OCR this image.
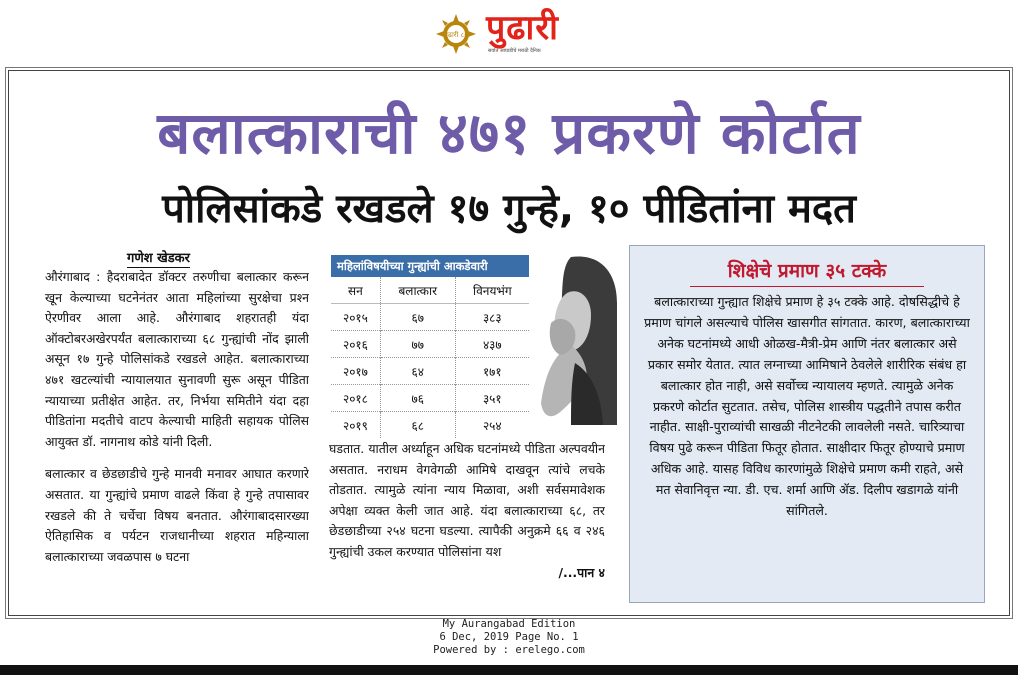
पुढारी ८० पुढारी
सर्वात आघाडीचे मराठी दैनिक
बलात्काराची ४७१ प्रकरणे कोर्टात
पोलिसांकडे रखडले १७ गुन्हे, १० पीडितांना मदत
गणेश खेडकर

औरंगाबाद : हैदराबादेत डॉक्टर तरुणीचा बलात्कार करून खून केल्याच्या घटनेनंतर आता महिलांच्या सुरक्षेचा प्रश्‍न ऐरणीवर आला आहे. औरंगाबाद शहरातही यंदा ऑक्टोबरअखेरपर्यंत बलात्काराच्या ६८ गुन्ह्यांची नोंद झाली असून १७ गुन्हे पोलिसांकडे रखडले आहेत. बलात्काराच्या ४७१ खटल्यांची न्यायालयात सुनावणी सुरू असून पीडिता न्यायाच्या प्रतीक्षेत आहेत. तर, निर्भया समितीने यंदा दहा पीडितांना मदतीचे वाटप केल्याची माहिती सहायक पोलिस आयुक्‍त डॉ. नागनाथ कोडे यांनी दिली.

बलात्कार व छेडछाडीचे गुन्हे मानवी मनावर आघात करणारे असतात. या गुन्ह्यांचे प्रमाण वाढले किंवा हे गुन्हे तपासावर रखडले की ते चर्चेचा विषय बनतात. औरंगाबादसारख्या ऐतिहासिक व पर्यटन राजधानीच्या शहरात महिन्याला बलात्काराच्या जवळपास ७ घटना

महिलांविषयीच्या गुन्ह्यांची आकडेवारी
सन	बलात्कार	विनयभंग
२०१५	६७	३८३
२०१६	७७	४३७
२०१७	६४	१७१
२०१८	७६	३५१
२०१९	६८	२५४

घडतात. यातील अर्ध्याहून अधिक घटनांमध्ये पीडिता अल्पवयीन असतात. नराधम वेगवेगळी आमिषे दाखवून त्यांचे लचके तोडतात. त्यामुळे त्यांना न्याय मिळावा, अशी सर्वसमावेशक अपेक्षा व्यक्‍त केली जात आहे. यंदा बलात्काराच्या ६८, तर छेडछाडीच्या २५४ घटना घडल्या. त्यापैकी अनुक्रमे ६६ व २४६ गुन्ह्यांची उकल करण्यात पोलिसांना यश

/...पान ४

शिक्षेचे प्रमाण ३५ टक्के
बलात्काराच्या गुन्ह्यात शिक्षेचे प्रमाण हे ३५ टक्के आहे. दोषसिद्धीचे हे प्रमाण चांगले असल्याचे पोलिस खासगीत सांगतात. कारण, बलात्काराच्या अनेक घटनांमध्ये आधी ओळख-मैत्री-प्रेम आणि नंतर बलात्कार असे प्रकार समोर येतात. त्यात लग्नाच्या आमिषाने ठेवलेले शारीरिक संबंध हा बलात्कार होत नाही, असे सर्वोच्च न्यायालय म्हणते. त्यामुळे अनेक प्रकरणे कोर्टात सुटतात. तसेच, पोलिस शास्त्रीय पद्धतीने तपास करीत नाहीत. साक्षी-पुराव्यांची साखळी नीटनेटकी लावलेली नसते. चारित्र्याचा विषय पुढे करून पीडिता फितूर होतात. साक्षीदार फितूर होण्याचे प्रमाण अधिक आहे. यासह विविध कारणांमुळे शिक्षेचे प्रमाण कमी राहते, असे मत सेवानिवृत्त न्या. डी. एच. शर्मा आणि ॲड. दिलीप खडागळे यांनी सांगितले.
My Aurangabad Edition
6 Dec, 2019 Page No. 1
Powered by : erelego.com
